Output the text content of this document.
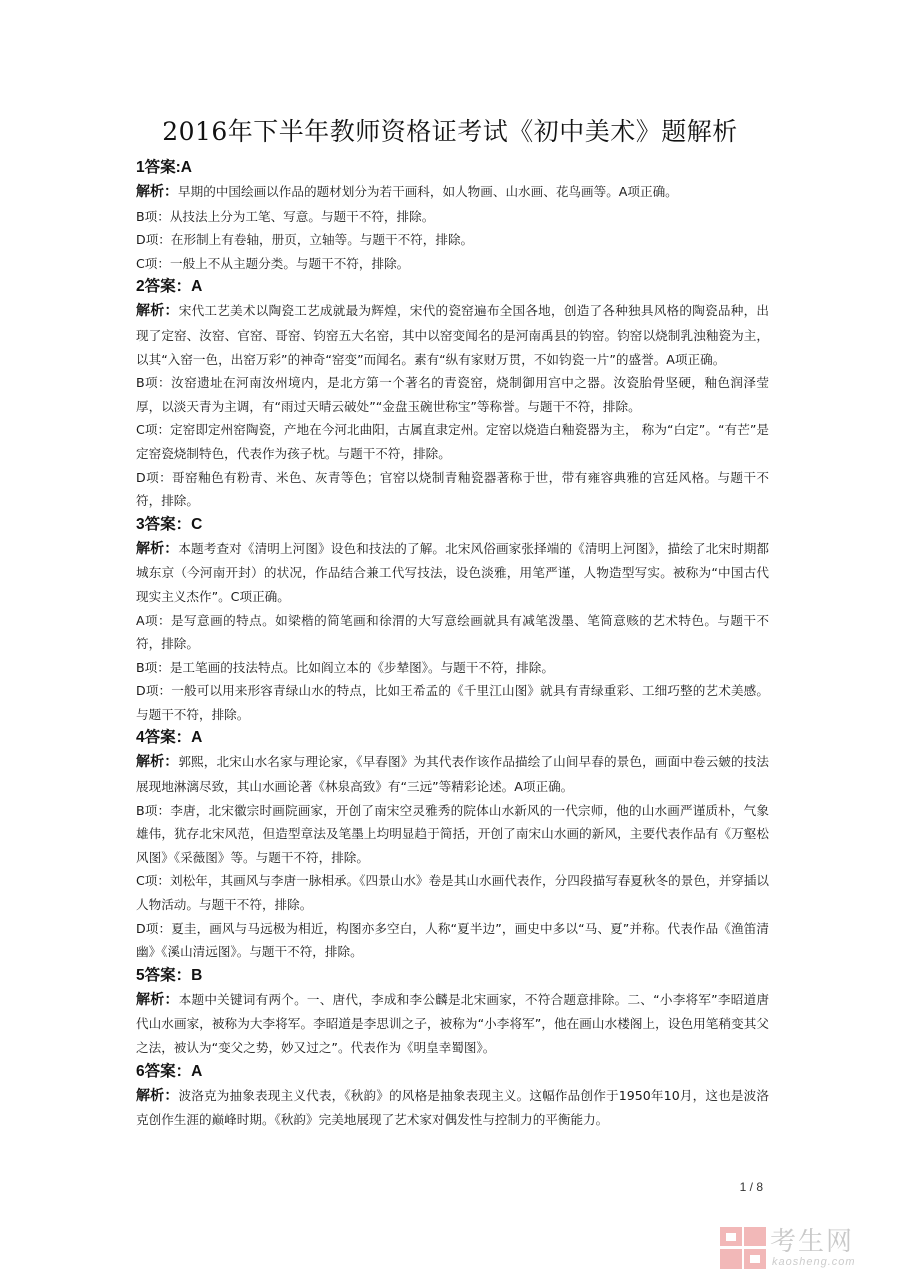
2016年下半年教师资格证考试《初中美术》题解析
1答案:A

解析：早期的中国绘画以作品的题材划分为若干画科，如人物画、山水画、花鸟画等。A项正确。

B项：从技法上分为工笔、写意。与题干不符，排除。

D项：在形制上有卷轴，册页，立轴等。与题干不符，排除。

C项：一般上不从主题分类。与题干不符，排除。

2答案：A

解析：宋代工艺美术以陶瓷工艺成就最为辉煌，宋代的瓷窑遍布全国各地，创造了各种独具风格的陶瓷品种，出现了定窑、汝窑、官窑、哥窑、钧窑五大名窑，其中以窑变闻名的是河南禹县的钧窑。钧窑以烧制乳浊釉瓷为主，以其“入窑一色，出窑万彩”的神奇“窑变”而闻名。素有“纵有家财万贯，不如钧瓷一片”的盛誉。A项正确。

B项：汝窑遗址在河南汝州境内，是北方第一个著名的青瓷窑，烧制御用宫中之器。汝瓷胎骨坚硬，釉色润泽莹厚，以淡天青为主调，有“雨过天晴云破处”“金盘玉碗世称宝”等称誉。与题干不符，排除。

C项：定窑即定州窑陶瓷，产地在今河北曲阳，古属直隶定州。定窑以烧造白釉瓷器为主， 称为“白定”。“有芒”是定窑瓷烧制特色，代表作为孩子枕。与题干不符，排除。

D项：哥窑釉色有粉青、米色、灰青等色；官窑以烧制青釉瓷器著称于世，带有雍容典雅的宫廷风格。与题干不符，排除。

3答案：C

解析：本题考查对《清明上河图》设色和技法的了解。北宋风俗画家张择端的《清明上河图》，描绘了北宋时期都城东京（今河南开封）的状况，作品结合兼工代写技法，设色淡雅，用笔严谨，人物造型写实。被称为“中国古代现实主义杰作”。C项正确。

A项：是写意画的特点。如梁楷的简笔画和徐渭的大写意绘画就具有减笔泼墨、笔简意赅的艺术特色。与题干不符，排除。

B项：是工笔画的技法特点。比如阎立本的《步辇图》。与题干不符，排除。

D项：一般可以用来形容青绿山水的特点，比如王希孟的《千里江山图》就具有青绿重彩、工细巧整的艺术美感。与题干不符，排除。

4答案：A

解析：郭熙，北宋山水名家与理论家，《早春图》为其代表作该作品描绘了山间早春的景色，画面中卷云皴的技法展现地淋漓尽致，其山水画论著《林泉高致》有“三远”等精彩论述。A项正确。

B项：李唐，北宋徽宗时画院画家，开创了南宋空灵雅秀的院体山水新风的一代宗师，他的山水画严谨质朴，气象雄伟，犹存北宋风范，但造型章法及笔墨上均明显趋于简括，开创了南宋山水画的新风，主要代表作品有《万壑松风图》《采薇图》等。与题干不符，排除。

C项：刘松年，其画风与李唐一脉相承。《四景山水》卷是其山水画代表作，分四段描写春夏秋冬的景色，并穿插以人物活动。与题干不符，排除。

D项：夏圭，画风与马远极为相近，构图亦多空白，人称“夏半边”，画史中多以“马、夏”并称。代表作品《渔笛清幽》《溪山清远图》。与题干不符，排除。

5答案：B

解析：本题中关键词有两个。一、唐代，李成和李公麟是北宋画家，不符合题意排除。二、“小李将军”李昭道唐代山水画家，被称为大李将军。李昭道是李思训之子，被称为“小李将军”，他在画山水楼阁上，设色用笔稍变其父之法，被认为“变父之势，妙又过之”。代表作为《明皇幸蜀图》。

6答案：A

解析：波洛克为抽象表现主义代表，《秋韵》的风格是抽象表现主义。这幅作品创作于1950年10月，这也是波洛克创作生涯的巅峰时期。《秋韵》完美地展现了艺术家对偶发性与控制力的平衡能力。

1 / 8
考生网
kaosheng.com
